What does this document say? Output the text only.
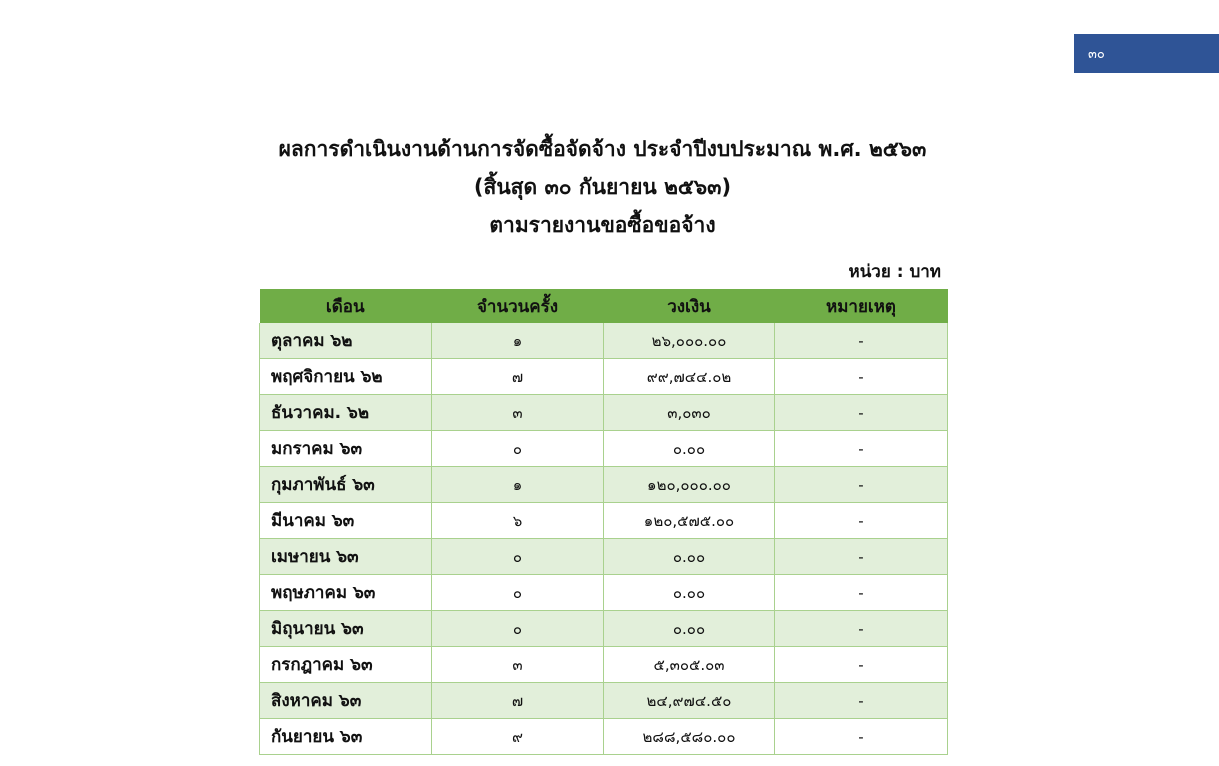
๓๐
ผลการดำเนินงานด้านการจัดซื้อจัดจ้าง ประจำปีงบประมาณ พ.ศ. ๒๕๖๓
(สิ้นสุด ๓๐ กันยายน ๒๕๖๓)
ตามรายงานขอซื้อขอจ้าง
หน่วย : บาท
เดือน	จำนวนครั้ง	วงเงิน	หมายเหตุ
ตุลาคม ๖๒	๑	๒๖,๐๐๐.๐๐	-
พฤศจิกายน ๖๒	๗	๙๙,๗๔๔.๐๒	-
ธันวาคม. ๖๒	๓	๓,๐๓๐	-
มกราคม ๖๓	๐	๐.๐๐	-
กุมภาพันธ์ ๖๓	๑	๑๒๐,๐๐๐.๐๐	-
มีนาคม ๖๓	๖	๑๒๐,๕๗๕.๐๐	-
เมษายน ๖๓	๐	๐.๐๐	-
พฤษภาคม ๖๓	๐	๐.๐๐	-
มิถุนายน ๖๓	๐	๐.๐๐	-
กรกฎาคม ๖๓	๓	๕,๓๐๕.๐๓	-
สิงหาคม ๖๓	๗	๒๔,๙๗๔.๕๐	-
กันยายน ๖๓	๙	๒๘๘,๕๘๐.๐๐	-
